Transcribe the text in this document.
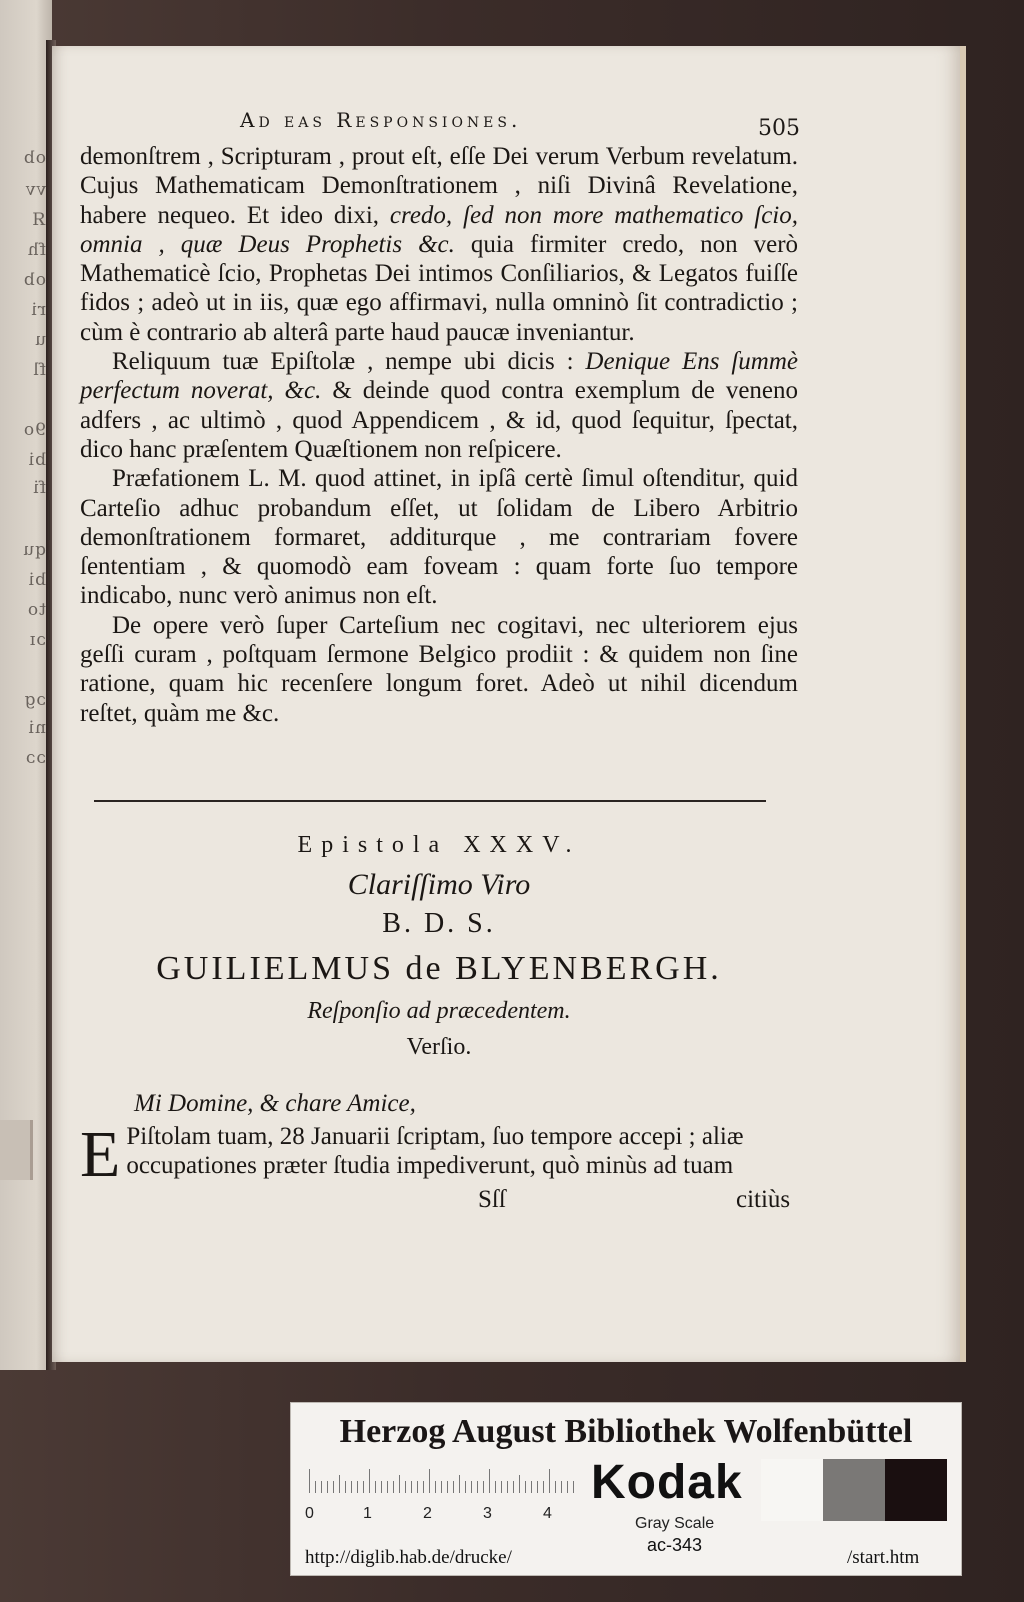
ob
vv
Я
fh
ob
ri
u
fl
9o
bi
fi
qu
bi
to
ɔɪ
ɔg
ni
ɔɔ
Ad eas Responsiones.	505

demonſtrem , Scripturam , prout eſt, eſſe Dei verum Verbum revelatum. Cujus Mathematicam Demonſtrationem , niſi Divinâ Revelatione, habere nequeo. Et ideo dixi, credo, ſed non more mathematico ſcio, omnia , quæ Deus Prophetis &c. quia firmiter credo, non verò Mathematicè ſcio, Prophetas Dei intimos Conſiliarios, & Legatos fuiſſe fidos ; adeò ut in iis, quæ ego affirmavi, nulla omninò ſit contradictio ; cùm è contrario ab alterâ parte haud paucæ inveniantur.

Reliquum tuæ Epiſtolæ , nempe ubi dicis : Denique Ens ſummè perfectum noverat, &c. & deinde quod contra exemplum de veneno adfers , ac ultimò , quod Appendicem , & id, quod ſequitur, ſpectat, dico hanc præſentem Quæſtionem non reſpicere.

Præfationem L. M. quod attinet, in ipſâ certè ſimul oſtenditur, quid Carteſio adhuc probandum eſſet, ut ſolidam de Libero Arbitrio demonſtrationem formaret, additurque , me contrariam fovere ſententiam , & quomodò eam foveam : quam forte ſuo tempore indicabo, nunc verò animus non eſt.

De opere verò ſuper Carteſium nec cogitavi, nec ulteriorem ejus geſſi curam , poſtquam ſermone Belgico prodiit : & quidem non ſine ratione, quam hic recenſere longum foret. Adeò ut nihil dicendum reſtet, quàm me &c.

Epistola XXXV.
Clariſſimo Viro
B. D. S.
GUILIELMUS de BLYENBERGH.
Reſponſio ad præcedentem.
Verſio.
Mi Domine, & chare Amice,
E Piſtolam tuam, 28 Januarii ſcriptam, ſuo tempore accepi ; aliæ occupationes præter ſtudia impediverunt, quò minùs ad tuam
Sſſ	citiùs
Herzog August Bibliothek Wolfenbüttel
0	1	2	3	4
Kodak
Gray Scale
http://diglib.hab.de/drucke/
ac-343
/start.htm
